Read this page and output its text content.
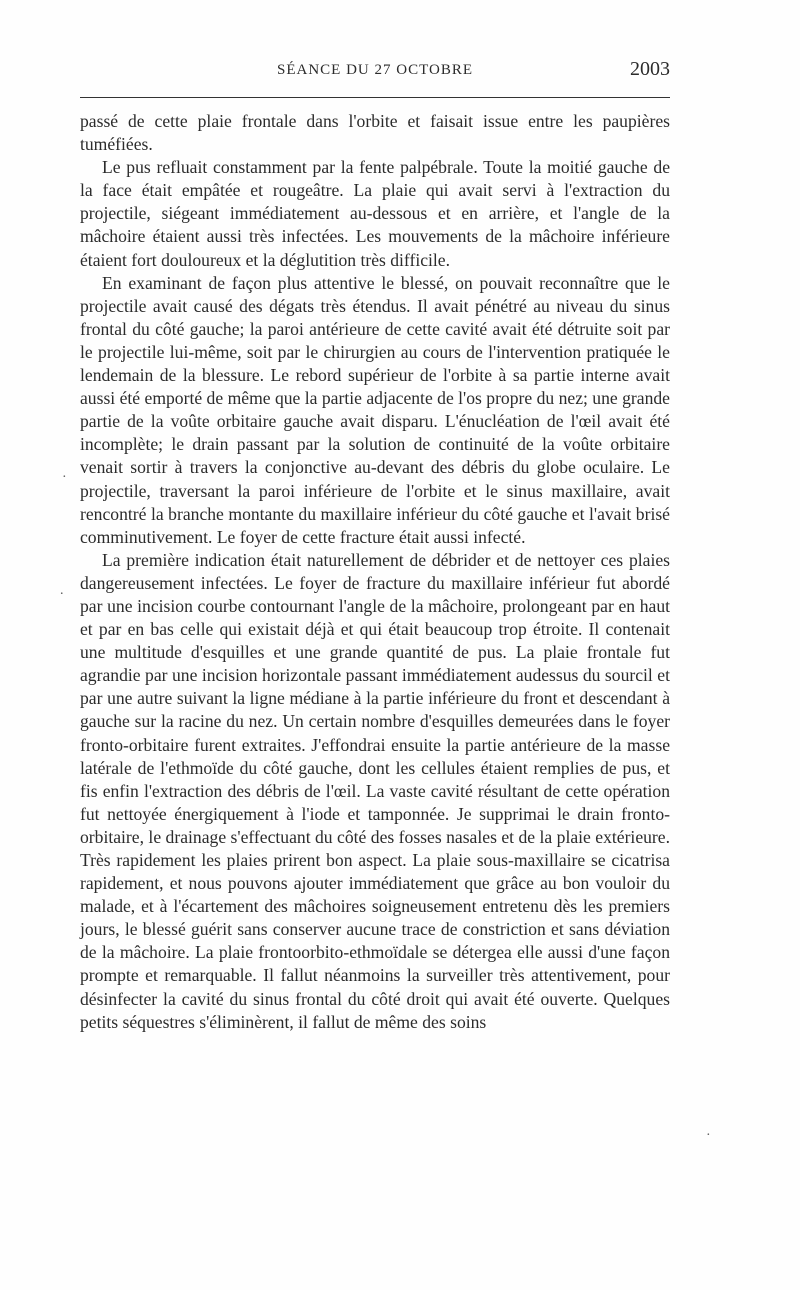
SÉANCE DU 27 OCTOBRE	2003

passé de cette plaie frontale dans l'orbite et faisait issue entre les paupières tuméfiées.

Le pus refluait constamment par la fente palpébrale. Toute la moitié gauche de la face était empâtée et rougeâtre. La plaie qui avait servi à l'extraction du projectile, siégeant immédiatement au-dessous et en arrière, et l'angle de la mâchoire étaient aussi très infectées. Les mouvements de la mâchoire inférieure étaient fort douloureux et la déglutition très difficile.

En examinant de façon plus attentive le blessé, on pouvait reconnaître que le projectile avait causé des dégats très étendus. Il avait pénétré au niveau du sinus frontal du côté gauche; la paroi antérieure de cette cavité avait été détruite soit par le projectile lui-même, soit par le chirurgien au cours de l'intervention pratiquée le lendemain de la blessure. Le rebord supérieur de l'orbite à sa partie interne avait aussi été emporté de même que la partie adjacente de l'os propre du nez; une grande partie de la voûte orbitaire gauche avait disparu. L'énucléation de l'œil avait été incomplète; le drain passant par la solution de continuité de la voûte orbitaire venait sortir à travers la conjonctive au-devant des débris du globe oculaire. Le projectile, traversant la paroi inférieure de l'orbite et le sinus maxillaire, avait rencontré la branche montante du maxillaire inférieur du côté gauche et l'avait brisé comminutivement. Le foyer de cette fracture était aussi infecté.

La première indication était naturellement de débrider et de nettoyer ces plaies dangereusement infectées. Le foyer de fracture du maxillaire inférieur fut abordé par une incision courbe contournant l'angle de la mâchoire, prolongeant par en haut et par en bas celle qui existait déjà et qui était beaucoup trop étroite. Il contenait une multitude d'esquilles et une grande quantité de pus. La plaie frontale fut agrandie par une incision horizontale passant immédiatement audessus du sourcil et par une autre suivant la ligne médiane à la partie inférieure du front et descendant à gauche sur la racine du nez. Un certain nombre d'esquilles demeurées dans le foyer fronto-orbitaire furent extraites. J'effondrai ensuite la partie antérieure de la masse latérale de l'ethmoïde du côté gauche, dont les cellules étaient remplies de pus, et fis enfin l'extraction des débris de l'œil. La vaste cavité résultant de cette opération fut nettoyée énergiquement à l'iode et tamponnée. Je supprimai le drain fronto-orbitaire, le drainage s'effectuant du côté des fosses nasales et de la plaie extérieure. Très rapidement les plaies prirent bon aspect. La plaie sous-maxillaire se cicatrisa rapidement, et nous pouvons ajouter immédiatement que grâce au bon vouloir du malade, et à l'écartement des mâchoires soigneusement entretenu dès les premiers jours, le blessé guérit sans conserver aucune trace de constriction et sans déviation de la mâchoire. La plaie frontoorbito-ethmoïdale se détergea elle aussi d'une façon prompte et remarquable. Il fallut néanmoins la surveiller très attentivement, pour désinfecter la cavité du sinus frontal du côté droit qui avait été ouverte. Quelques petits séquestres s'éliminèrent, il fallut de même des soins

·
.
·
